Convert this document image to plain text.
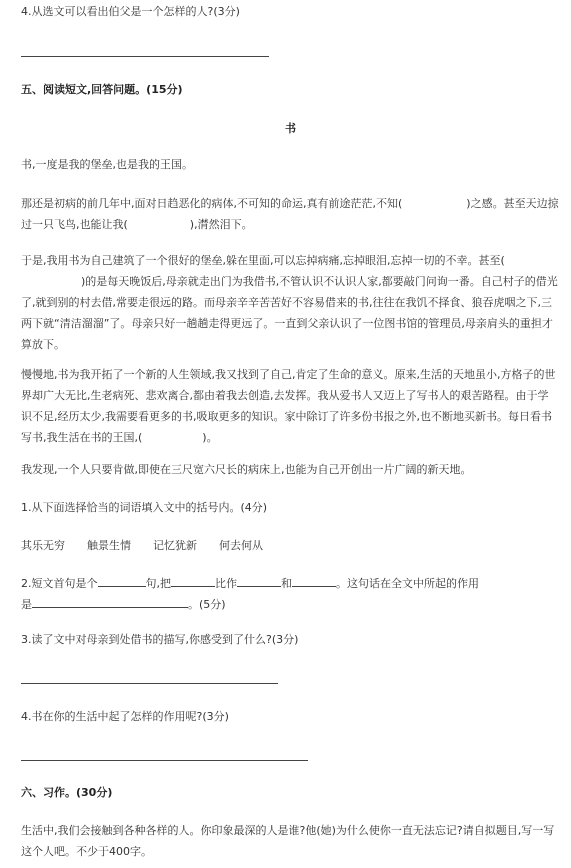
4.从选文可以看出伯父是一个怎样的人?(3分)
五、阅读短文,回答问题。(15分)
书
书,一度是我的堡垒,也是我的王国。
那还是初病的前几年中,面对日趋恶化的病体,不可知的命运,真有前途茫茫,不知(	)之感。甚至天边掠过一只飞鸟,也能让我(	),潸然泪下。
于是,我用书为自己建筑了一个很好的堡垒,躲在里面,可以忘掉病痛,忘掉眼泪,忘掉一切的不幸。甚至()的是每天晚饭后,母亲就走出门为我借书,不管认识不认识人家,都要敲门问询一番。自己村子的借光了,就到别的村去借,常要走很远的路。而母亲辛辛苦苦好不容易借来的书,往往在我饥不择食、狼吞虎咽之下,三两下就“清洁溜溜”了。母亲只好一趟趟走得更远了。一直到父亲认识了一位图书馆的管理员,母亲肩头的重担才算放下。
慢慢地,书为我开拓了一个新的人生领域,我又找到了自己,肯定了生命的意义。原来,生活的天地虽小,方格子的世界却广大无比,生老病死、悲欢离合,都由着我去创造,去发挥。我从爱书人又迈上了写书人的艰苦路程。由于学识不足,经历太少,我需要看更多的书,吸取更多的知识。家中除订了许多份书报之外,也不断地买新书。每日看书写书,我生活在书的王国,(	)。
我发现,一个人只要肯做,即使在三尺宽六尺长的病床上,也能为自己开创出一片广阔的新天地。
1.从下面选择恰当的词语填入文中的括号内。(4分)
其乐无穷 触景生情 记忆犹新 何去何从
2.短文首句是个	句,把	比作	和	。这句话在全文中所起的作用
是	。(5分)
3.读了文中对母亲到处借书的描写,你感受到了什么?(3分)
4.书在你的生活中起了怎样的作用呢?(3分)
六、习作。(30分)
生活中,我们会接触到各种各样的人。你印象最深的人是谁?他(她)为什么使你一直无法忘记?请自拟题目,写一写这个人吧。不少于400字。
